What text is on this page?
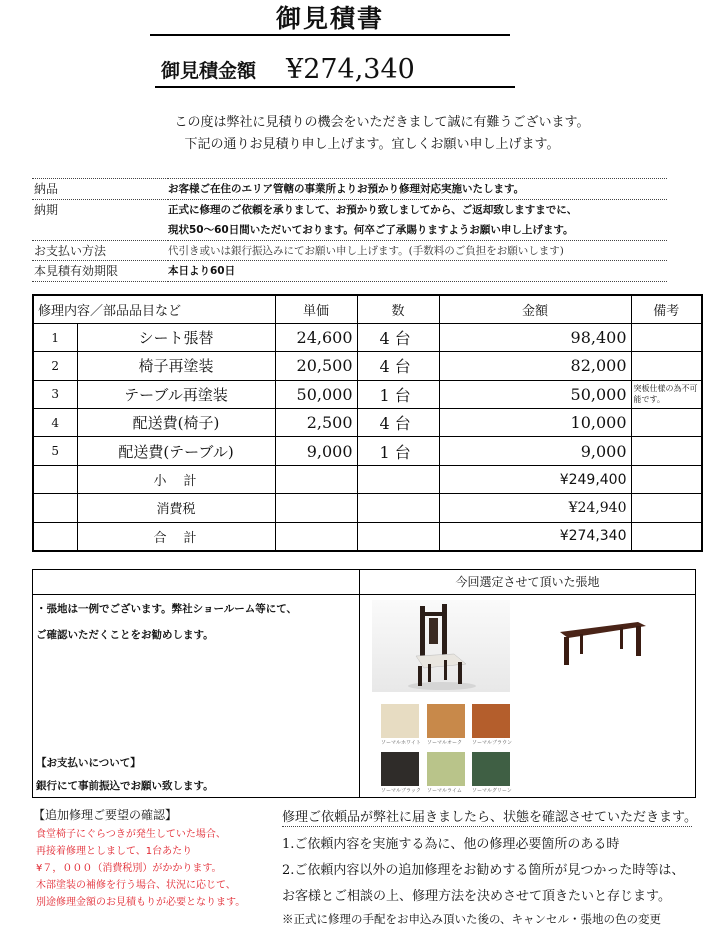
御見積書
御見積金額 ¥274,340
この度は弊社に見積りの機会をいただきまして誠に有難うございます。
下記の通りお見積り申し上げます。宜しくお願い申し上げます。
納品	お客様ご在住のエリア管轄の事業所よりお預かり修理対応実施いたします。
納期	正式に修理のご依頼を承りまして、お預かり致しましてから、ご返却致しますまでに、
	現状50～60日間いただいております。何卒ご了承賜りますようお願い申し上げます。
お支払い方法	代引き或いは銀行振込みにてお願い申し上げます。(手数料のご負担をお願いします)
本見積有効期限	本日より60日
修理内容／部品品目など		単価	数	金額	備考
1	シート張替	24,600	4 台	98,400	
2	椅子再塗装	20,500	4 台	82,000	
3	テーブル再塗装	50,000	1 台	50,000	突板仕様の為不可能です。
4	配送費(椅子)	2,500	4 台	10,000	
5	配送費(テーブル)	9,000	1 台	9,000	
	小　計			¥249,400	
	消費税			¥24,940	
	合　計			¥274,340	
今回選定させて頂いた張地
・張地は一例でございます。弊社ショールーム等にて、
ご確認いただくことをお勧めします。
【お支払いについて】
銀行にて事前振込でお願い致します。
ソーマルホワイト ソーマルオーク ソーマルブラウン
ソーマルブラック ソーマルライム ソーマルグリーン
【追加修理ご要望の確認】
食堂椅子にぐらつきが発生していた場合、
再接着修理としまして、1台あたり
¥７，０００（消費税別）がかかります。
木部塗装の補修を行う場合、状況に応じて、
別途修理金額のお見積もりが必要となります。
修理ご依頼品が弊社に届きましたら、状態を確認させていただきます。
1.ご依頼内容を実施する為に、他の修理必要箇所のある時
2.ご依頼内容以外の追加修理をお勧めする箇所が見つかった時等は、
お客様とご相談の上、修理方法を決めさせて頂きたいと存じます。
※正式に修理の手配をお申込み頂いた後の、キャンセル・張地の色の変更
